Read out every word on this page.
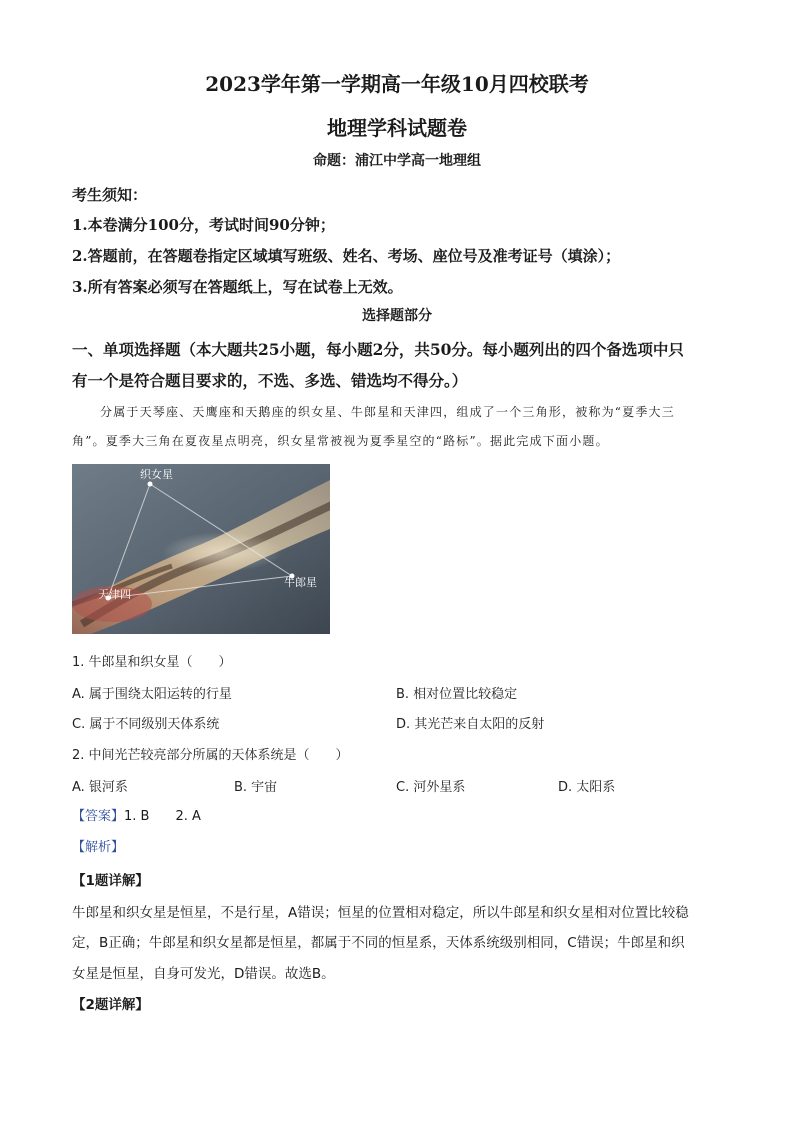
2023学年第一学期高一年级10月四校联考
地理学科试题卷
命题：浦江中学高一地理组
考生须知：
1.本卷满分100分，考试时间90分钟；
2.答题前，在答题卷指定区域填写班级、姓名、考场、座位号及准考证号（填涂）；
3.所有答案必须写在答题纸上，写在试卷上无效。
选择题部分
一、单项选择题（本大题共25小题，每小题2分，共50分。每小题列出的四个备选项中只
有一个是符合题目要求的，不选、多选、错选均不得分。）
分属于天琴座、天鹰座和天鹅座的织女星、牛郎星和天津四，组成了一个三角形，被称为“夏季大三
角”。夏季大三角在夏夜星点明亮，织女星常被视为夏季星空的“路标”。据此完成下面小题。
织女星
牛郎星
天津四
1. 牛郎星和织女星（　　）
A. 属于围绕太阳运转的行星	B. 相对位置比较稳定
C. 属于不同级别天体系统	D. 其光芒来自太阳的反射
2. 中间光芒较亮部分所属的天体系统是（　　）
A. 银河系	B. 宇宙	C. 河外星系	D. 太阳系
【答案】1. B　　2. A
【解析】
【1题详解】
牛郎星和织女星是恒星，不是行星，A错误；恒星的位置相对稳定，所以牛郎星和织女星相对位置比较稳
定，B正确；牛郎星和织女星都是恒星，都属于不同的恒星系，天体系统级别相同，C错误；牛郎星和织
女星是恒星，自身可发光，D错误。故选B。
【2题详解】
